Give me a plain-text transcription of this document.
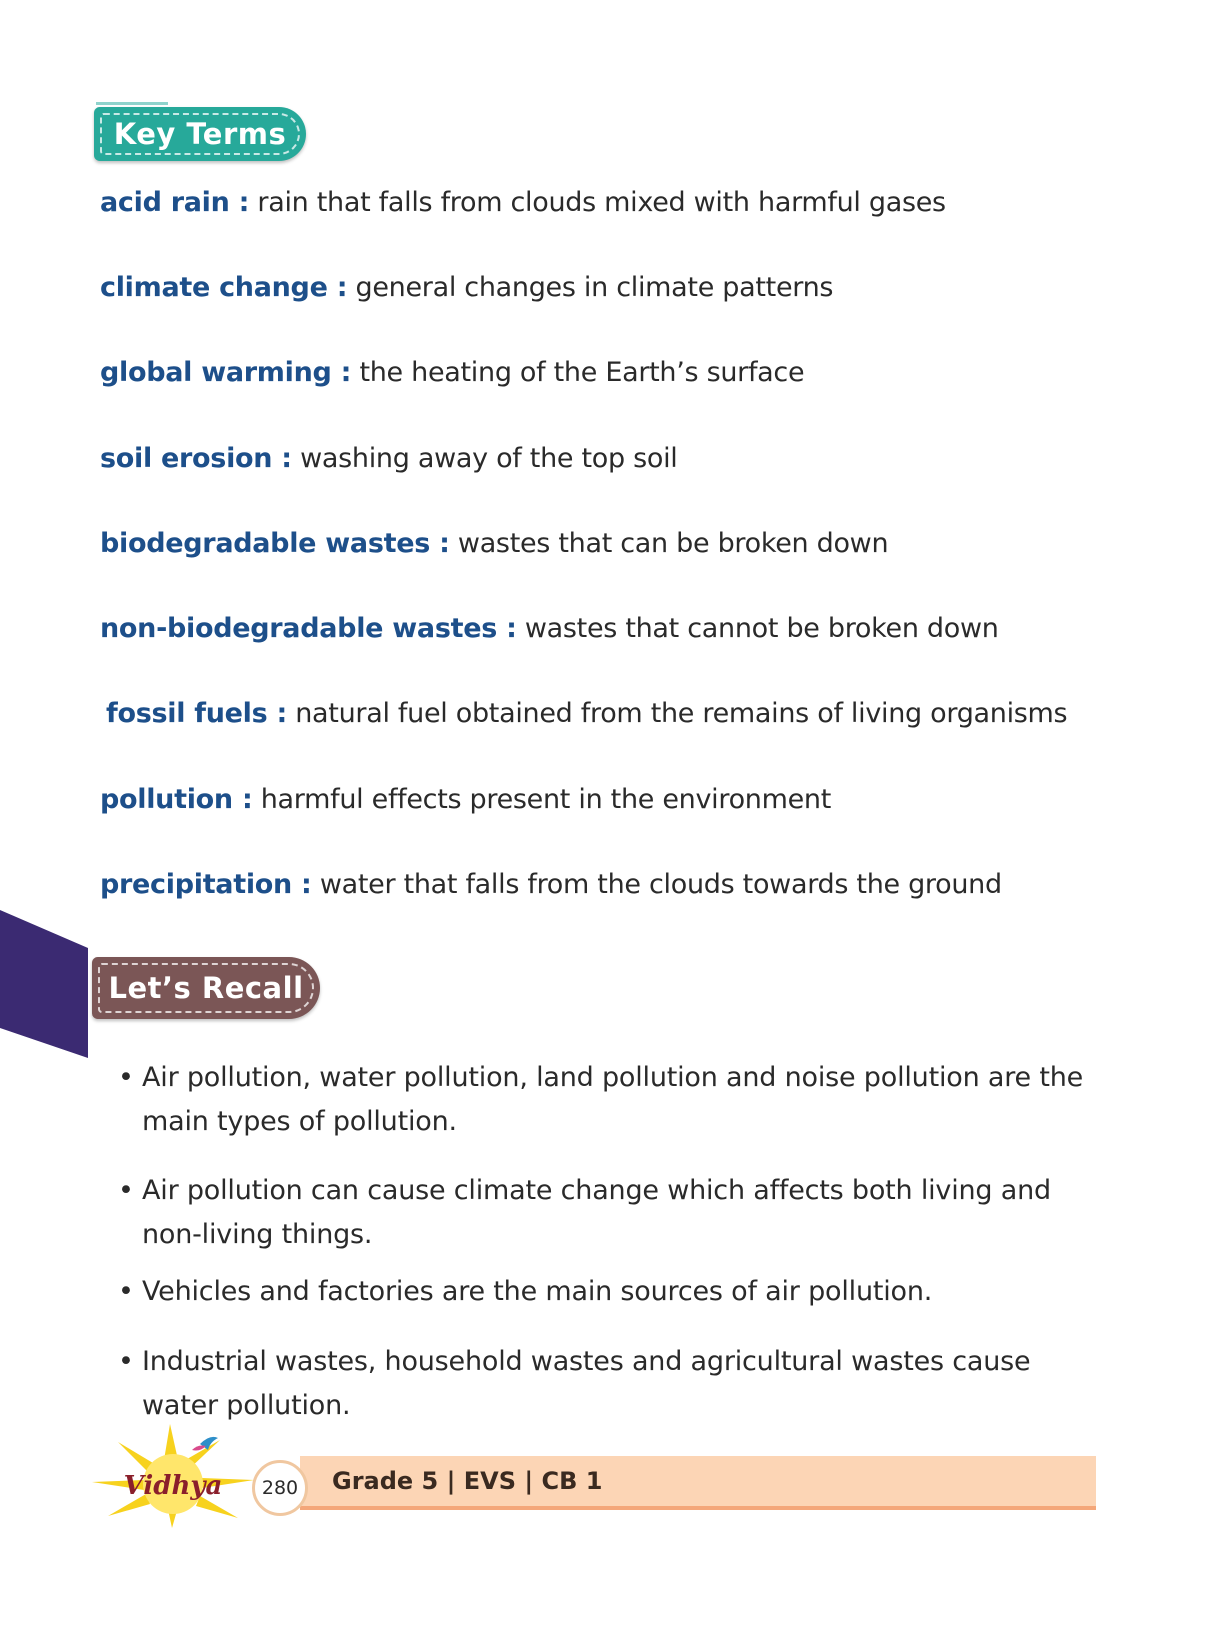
Key Terms
acid rain : rain that falls from clouds mixed with harmful gases
climate change : general changes in climate patterns
global warming : the heating of the Earth’s surface
soil erosion : washing away of the top soil
biodegradable wastes : wastes that can be broken down
non-biodegradable wastes : wastes that cannot be broken down
fossil fuels : natural fuel obtained from the remains of living organisms
pollution : harmful effects present in the environment
precipitation : water that falls from the clouds towards the ground
Let’s Recall
• Air pollution, water pollution, land pollution and noise pollution are the main types of pollution.
• Air pollution can cause climate change which affects both living and non-living things.
• Vehicles and factories are the main sources of air pollution.
• Industrial wastes, household wastes and agricultural wastes cause water pollution.
Grade 5 | EVS | CB 1
280
Vidhya
